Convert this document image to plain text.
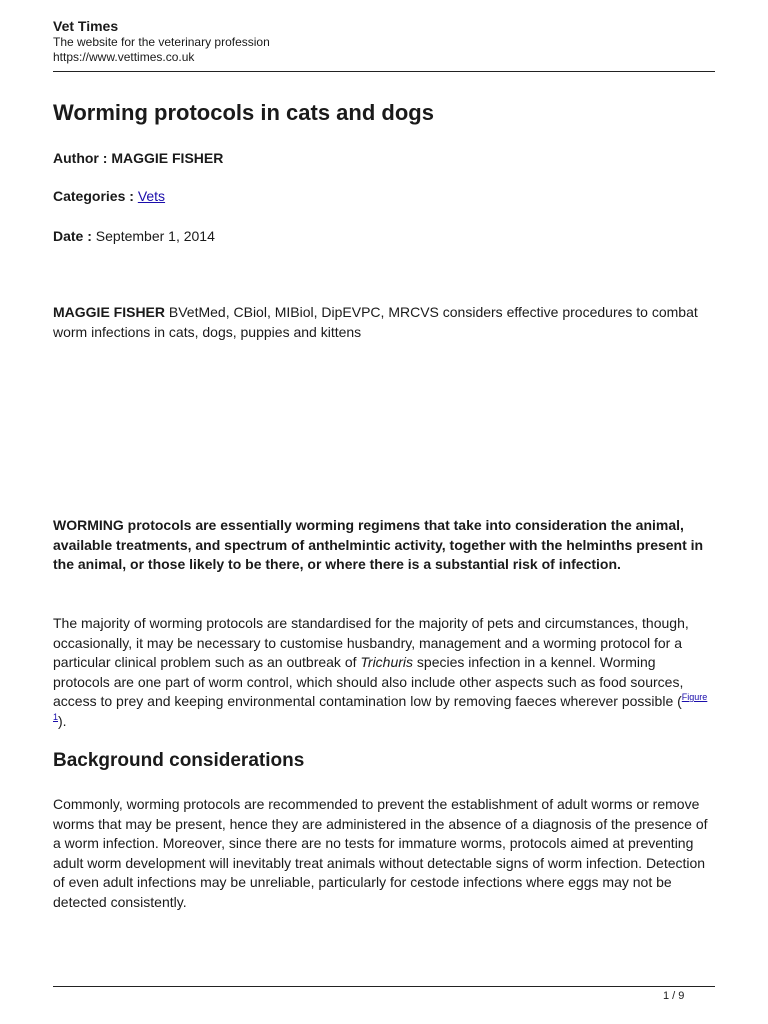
Vet Times
The website for the veterinary profession
https://www.vettimes.co.uk
Worming protocols in cats and dogs
Author : MAGGIE FISHER
Categories : Vets
Date : September 1, 2014

MAGGIE FISHER BVetMed, CBiol, MIBiol, DipEVPC, MRCVS considers effective procedures to combat worm infections in cats, dogs, puppies and kittens

WORMING protocols are essentially worming regimens that take into consideration the animal, available treatments, and spectrum of anthelmintic activity, together with the helminths present in the animal, or those likely to be there, or where there is a substantial risk of infection.

The majority of worming protocols are standardised for the majority of pets and circumstances, though, occasionally, it may be necessary to customise husbandry, management and a worming protocol for a particular clinical problem such as an outbreak of Trichuris species infection in a kennel. Worming protocols are one part of worm control, which should also include other aspects such as food sources, access to prey and keeping environmental contamination low by removing faeces wherever possible ($^{Figure 1}$).

Background considerations

Commonly, worming protocols are recommended to prevent the establishment of adult worms or remove worms that may be present, hence they are administered in the absence of a diagnosis of the presence of a worm infection. Moreover, since there are no tests for immature worms, protocols aimed at preventing adult worm development will inevitably treat animals without detectable signs of worm infection. Detection of even adult infections may be unreliable, particularly for cestode infections where eggs may not be detected consistently.

1 / 9
